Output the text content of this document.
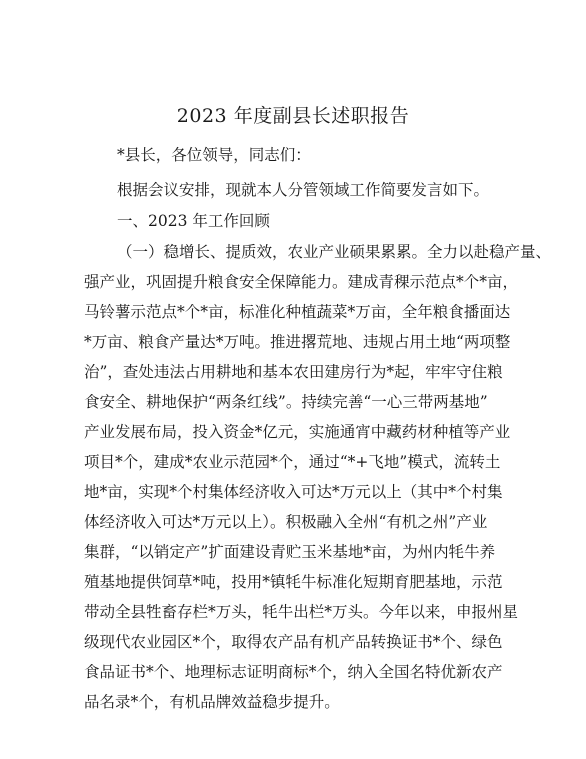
2023 年度副县长述职报告

*县长，各位领导，同志们：

根据会议安排，现就本人分管领域工作简要发言如下。

一、2023 年工作回顾

（一）稳增长、提质效，农业产业硕果累累。全力以赴稳产量、

强产业，巩固提升粮食安全保障能力。建成青稞示范点*个*亩，

马铃薯示范点*个*亩，标准化种植蔬菜*万亩，全年粮食播面达

*万亩、粮食产量达*万吨。推进撂荒地、违规占用土地“两项整

治”，查处违法占用耕地和基本农田建房行为*起，牢牢守住粮

食安全、耕地保护“两条红线”。持续完善“一心三带两基地”

产业发展布局，投入资金*亿元，实施通宵中藏药材种植等产业

项目*个，建成*农业示范园*个，通过“*+飞地”模式，流转土

地*亩，实现*个村集体经济收入可达*万元以上（其中*个村集

体经济收入可达*万元以上）。积极融入全州“有机之州”产业

集群，“以销定产”扩面建设青贮玉米基地*亩，为州内牦牛养

殖基地提供饲草*吨，投用*镇牦牛标准化短期育肥基地，示范

带动全县牲畜存栏*万头，牦牛出栏*万头。今年以来，申报州星

级现代农业园区*个，取得农产品有机产品转换证书*个、绿色

食品证书*个、地理标志证明商标*个，纳入全国名特优新农产

品名录*个，有机品牌效益稳步提升。
